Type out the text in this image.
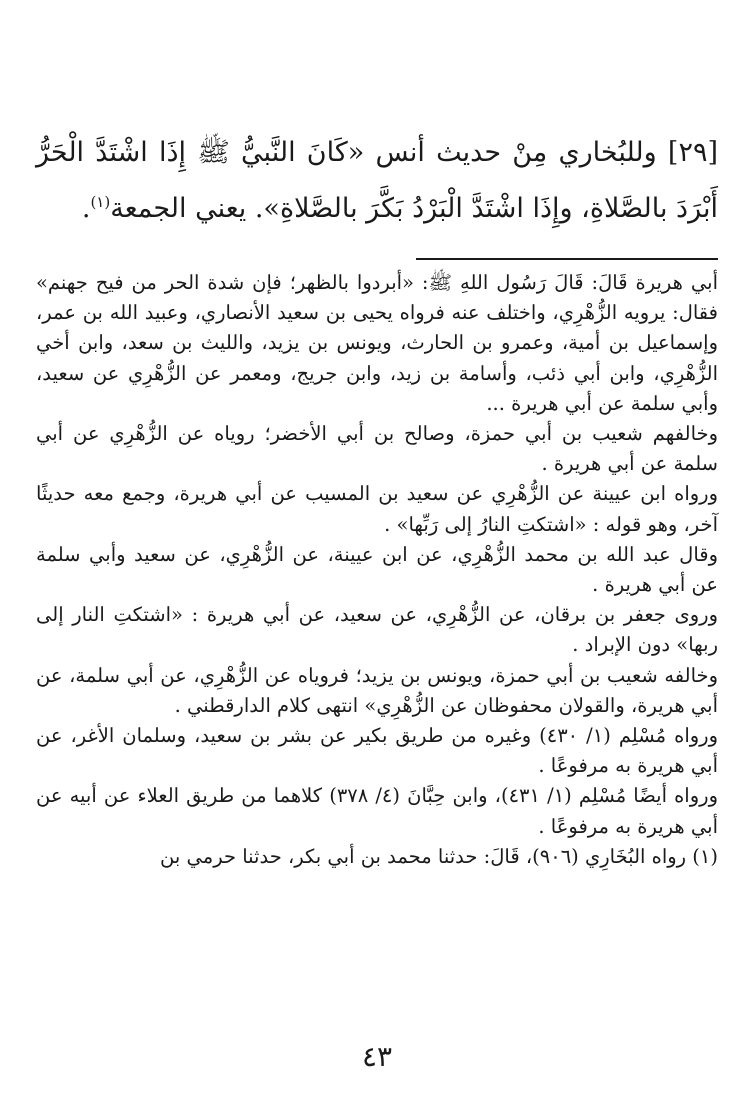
[٢٩] وللبُخاري مِنْ حديث أنس «كَانَ النَّبيُّ ﷺ إِذَا اشْتَدَّ الْحَرُّ أَبْرَدَ بالصَّلاةِ، وإِذَا اشْتَدَّ الْبَرْدُ بَكَّرَ بالصَّلاةِ». يعني الجمعة$^{(١)}$.

أبي هريرة قَالَ: قَالَ رَسُول اللهِ ﷺ: «أبردوا بالظهر؛ فإن شدة الحر من فيح جهنم» فقال: يرويه الزُّهْرِي، واختلف عنه فرواه يحيى بن سعيد الأنصاري، وعبيد الله بن عمر، وإسماعيل بن أمية، وعمرو بن الحارث، ويونس بن يزيد، والليث بن سعد، وابن أخي الزُّهْرِي، وابن أبي ذئب، وأسامة بن زيد، وابن جريج، ومعمر عن الزُّهْرِي عن سعيد، وأبي سلمة عن أبي هريرة ...

وخالفهم شعيب بن أبي حمزة، وصالح بن أبي الأخضر؛ روياه عن الزُّهْرِي عن أبي سلمة عن أبي هريرة .

ورواه ابن عيينة عن الزُّهْرِي عن سعيد بن المسيب عن أبي هريرة، وجمع معه حديثًا آخر، وهو قوله : «اشتكتِ النارُ إلى رَبِّها» .

وقال عبد الله بن محمد الزُّهْرِي، عن ابن عيينة، عن الزُّهْرِي، عن سعيد وأبي سلمة عن أبي هريرة .

وروى جعفر بن برقان، عن الزُّهْرِي، عن سعيد، عن أبي هريرة : «اشتكتِ النار إلى ربها» دون الإبراد .

وخالفه شعيب بن أبي حمزة، ويونس بن يزيد؛ فروياه عن الزُّهْرِي، عن أبي سلمة، عن أبي هريرة، والقولان محفوظان عن الزُّهْرِي» انتهى كلام الدارقطني .

ورواه مُسْلِم (١/ ٤٣٠) وغيره من طريق بكير عن بشر بن سعيد، وسلمان الأغر، عن أبي هريرة به مرفوعًا .

ورواه أيضًا مُسْلِم (١/ ٤٣١)، وابن حِبَّانَ (٤/ ٣٧٨) كلاهما من طريق العلاء عن أبيه عن أبي هريرة به مرفوعًا .

(١) رواه البُخَارِي (٩٠٦)، قَالَ: حدثنا محمد بن أبي بكر، حدثنا حرمي بن

٤٣
